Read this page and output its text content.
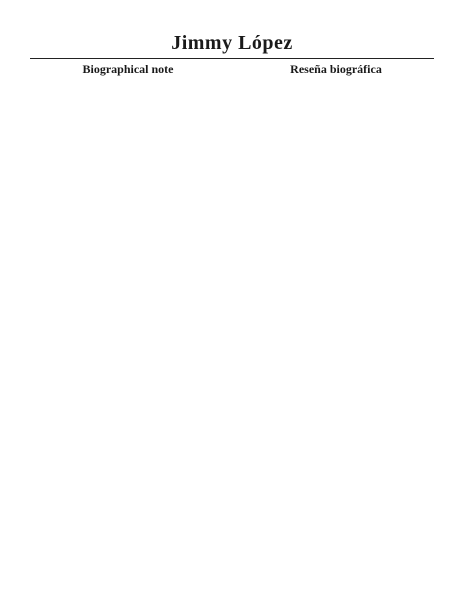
Jimmy López
Biographical note	Reseña biográfica
